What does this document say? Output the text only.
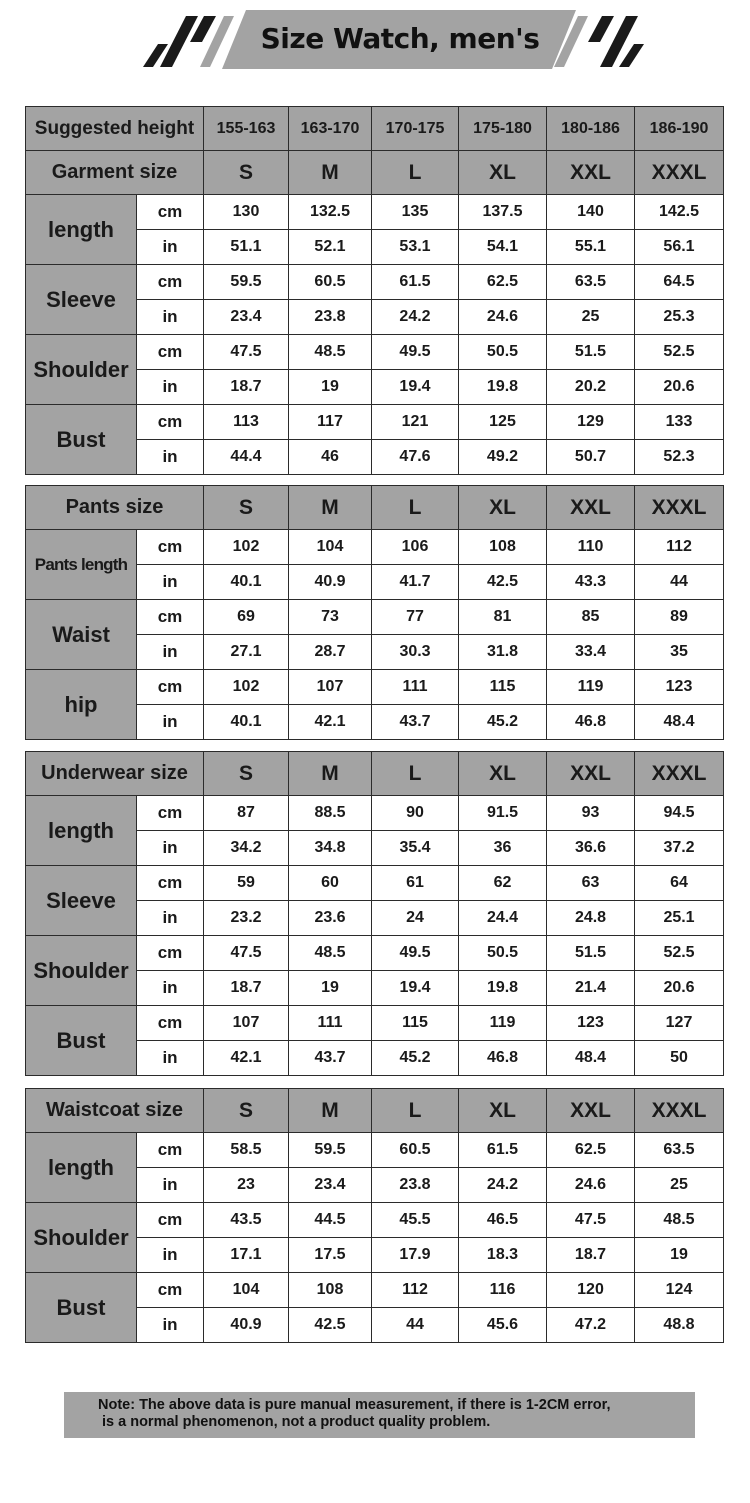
Size Watch, men's
Suggested height		155-163	163-170	170-175	175-180	180-186	186-190
Garment size		S	M	L	XL	XXL	XXXL
length	cm	130	132.5	135	137.5	140	142.5
	in	51.1	52.1	53.1	54.1	55.1	56.1
Sleeve	cm	59.5	60.5	61.5	62.5	63.5	64.5
	in	23.4	23.8	24.2	24.6	25	25.3
Shoulder	cm	47.5	48.5	49.5	50.5	51.5	52.5
	in	18.7	19	19.4	19.8	20.2	20.6
Bust	cm	113	117	121	125	129	133
	in	44.4	46	47.6	49.2	50.7	52.3
Pants size		S	M	L	XL	XXL	XXXL
Pants length	cm	102	104	106	108	110	112
	in	40.1	40.9	41.7	42.5	43.3	44
Waist	cm	69	73	77	81	85	89
	in	27.1	28.7	30.3	31.8	33.4	35
hip	cm	102	107	111	115	119	123
	in	40.1	42.1	43.7	45.2	46.8	48.4
Underwear size		S	M	L	XL	XXL	XXXL
length	cm	87	88.5	90	91.5	93	94.5
	in	34.2	34.8	35.4	36	36.6	37.2
Sleeve	cm	59	60	61	62	63	64
	in	23.2	23.6	24	24.4	24.8	25.1
Shoulder	cm	47.5	48.5	49.5	50.5	51.5	52.5
	in	18.7	19	19.4	19.8	21.4	20.6
Bust	cm	107	111	115	119	123	127
	in	42.1	43.7	45.2	46.8	48.4	50
Waistcoat size		S	M	L	XL	XXL	XXXL
length	cm	58.5	59.5	60.5	61.5	62.5	63.5
	in	23	23.4	23.8	24.2	24.6	25
Shoulder	cm	43.5	44.5	45.5	46.5	47.5	48.5
	in	17.1	17.5	17.9	18.3	18.7	19
Bust	cm	104	108	112	116	120	124
	in	40.9	42.5	44	45.6	47.2	48.8
Note: The above data is pure manual measurement, if there is 1-2CM error,
is a normal phenomenon, not a product quality problem.
